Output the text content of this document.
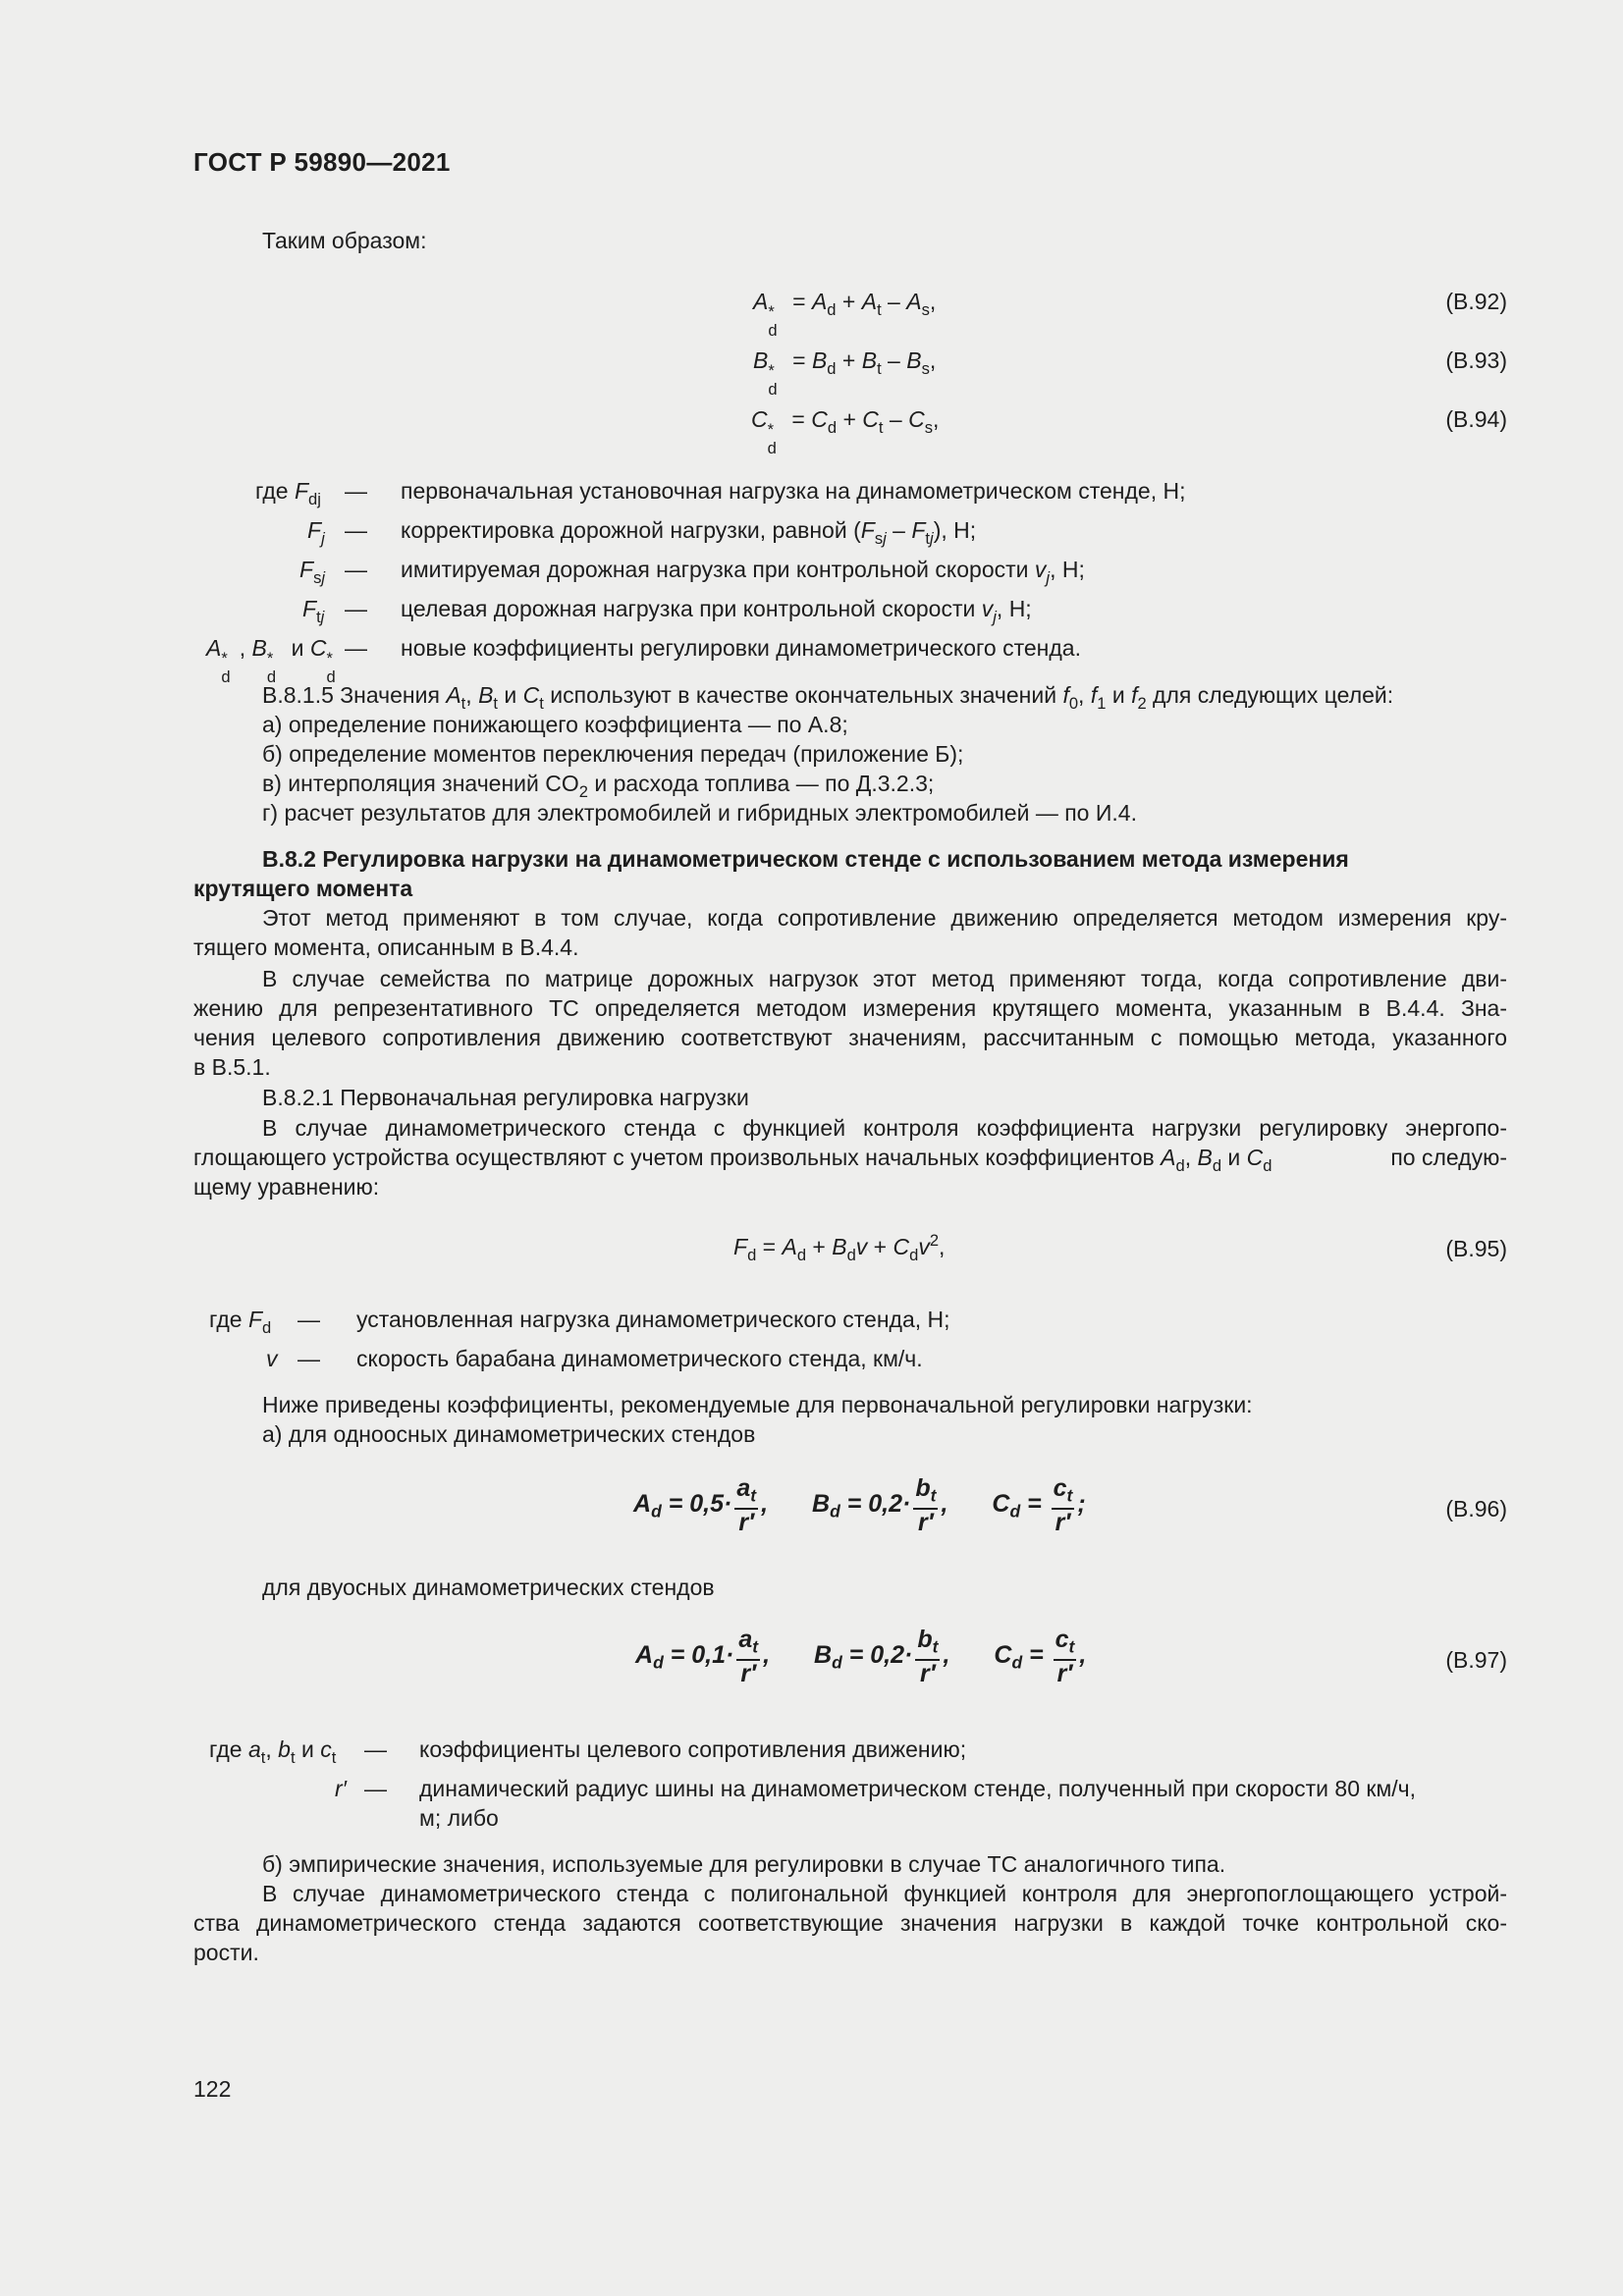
ГОСТ Р 59890—2021
Таким образом:
A *
d
= $A_d + A_t - A_s$,	(В.92)
B *
d
= $B_d + B_t - B_s$,	(В.93)
C *
d
= $C_d + C_t - C_s$,	(В.94)
где $F_{dj}$ — первоначальная установочная нагрузка на динамометрическом стенде, Н;
$F_j$ — корректировка дорожной нагрузки, равной $(F_{sj} - F_{tj})$, Н;
$F_{sj}$ — имитируемая дорожная нагрузка при контрольной скорости $v_j$, Н;
$F_{tj}$ — целевая дорожная нагрузка при контрольной скорости $v_j$, Н;
A *
d
, B *
d
и C *
d
— новые коэффициенты регулировки динамометрического стенда.
В.8.1.5 Значения $A_t$, $B_t$ и $C_t$ используют в качестве окончательных значений $f_0$, $f_1$ и $f_2$ для следующих целей:
а) определение понижающего коэффициента — по А.8;
б) определение моментов переключения передач (приложение Б);
в) интерполяция значений $CO_2$ и расхода топлива — по Д.3.2.3;
г) расчет результатов для электромобилей и гибридных электромобилей — по И.4.
В.8.2 Регулировка нагрузки на динамометрическом стенде с использованием метода измерения
крутящего момента
Этот метод применяют в том случае, когда сопротивление движению определяется методом измерения кру-
тящего момента, описанным в В.4.4.
В случае семейства по матрице дорожных нагрузок этот метод применяют тогда, когда сопротивление дви-
жению для репрезентативного ТС определяется методом измерения крутящего момента, указанным в В.4.4. Зна-
чения целевого сопротивления движению соответствуют значениям, рассчитанным с помощью метода, указанного
в В.5.1.
В.8.2.1 Первоначальная регулировка нагрузки
В случае динамометрического стенда с функцией контроля коэффициента нагрузки регулировку энергопо-
глощающего устройства осуществляют с учетом произвольных начальных коэффициентов $A_d$, $B_d$ и $C_d$	по следую-
щему уравнению:
$F_d = A_d + B_dv + C_dv^2$,	(В.95)
где $F_d$ — установленная нагрузка динамометрического стенда, Н;
v — скорость барабана динамометрического стенда, км/ч.
Ниже приведены коэффициенты, рекомендуемые для первоначальной регулировки нагрузки:
а) для одноосных динамометрических стендов
$A_d = 0,5\cdot \frac{a_t}{r'}$ , $B_d = 0,2\cdot \frac{b_t}{r'}$ , $C_d = \frac{c_t}{r'}$ ;	(В.96)
для двуосных динамометрических стендов
$A_d = 0,1\cdot \frac{a_t}{r'}$ , $B_d = 0,2\cdot \frac{b_t}{r'}$ , $C_d = \frac{c_t}{r'}$ ,	(В.97)
где $a_t$, $b_t$ и $c_t$ — коэффициенты целевого сопротивления движению;
r′ — динамический радиус шины на динамометрическом стенде, полученный при скорости 80 км/ч,
м; либо
б) эмпирические значения, используемые для регулировки в случае ТС аналогичного типа.
В случае динамометрического стенда с полигональной функцией контроля для энергопоглощающего устрой-
ства динамометрического стенда задаются соответствующие значения нагрузки в каждой точке контрольной ско-
рости.
122
